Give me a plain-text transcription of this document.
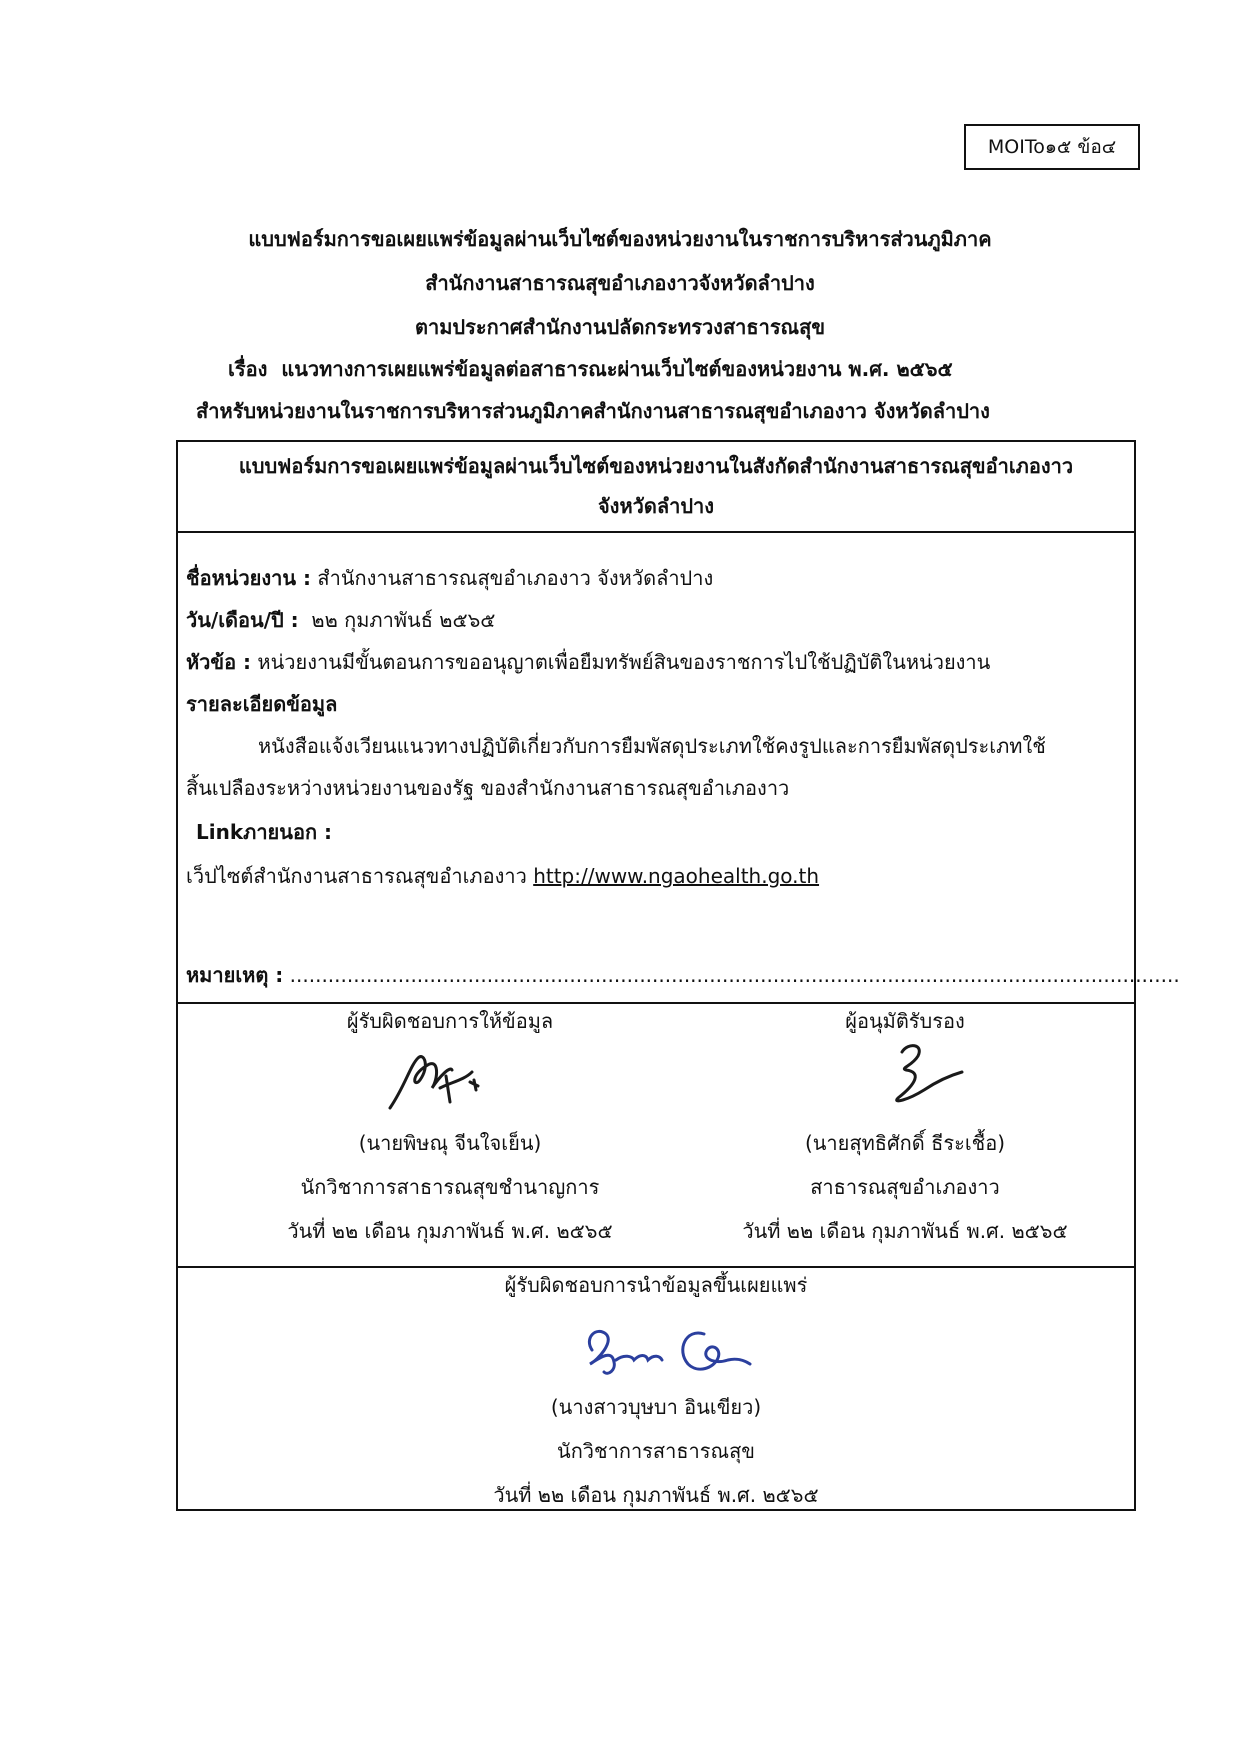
MOITo๑๕ ข้อ๔
แบบฟอร์มการขอเผยแพร่ข้อมูลผ่านเว็บไซต์ของหน่วยงานในราชการบริหารส่วนภูมิภาค
สำนักงานสาธารณสุขอำเภองาวจังหวัดลำปาง
ตามประกาศสำนักงานปลัดกระทรวงสาธารณสุข
เรื่อง แนวทางการเผยแพร่ข้อมูลต่อสาธารณะผ่านเว็บไซต์ของหน่วยงาน พ.ศ. ๒๕๖๕
สำหรับหน่วยงานในราชการบริหารส่วนภูมิภาคสำนักงานสาธารณสุขอำเภองาว จังหวัดลำปาง
แบบฟอร์มการขอเผยแพร่ข้อมูลผ่านเว็บไซต์ของหน่วยงานในสังกัดสำนักงานสาธารณสุขอำเภองาว
จังหวัดลำปาง
ชื่อหน่วยงาน : สำนักงานสาธารณสุขอำเภองาว จังหวัดลำปาง
วัน/เดือน/ปี : ๒๒ กุมภาพันธ์ ๒๕๖๕
หัวข้อ : หน่วยงานมีขั้นตอนการขออนุญาตเพื่อยืมทรัพย์สินของราชการไปใช้ปฏิบัติในหน่วยงาน
รายละเอียดข้อมูล
หนังสือแจ้งเวียนแนวทางปฏิบัติเกี่ยวกับการยืมพัสดุประเภทใช้คงรูปและการยืมพัสดุประเภทใช้
สิ้นเปลืองระหว่างหน่วยงานของรัฐ ของสำนักงานสาธารณสุขอำเภองาว
Linkภายนอก :
เว็ปไซต์สำนักงานสาธารณสุขอำเภองาว http://www.ngaohealth.go.th
หมายเหตุ : ............................................................................................................................................
ผู้รับผิดชอบการให้ข้อมูล
(นายพิษณุ จีนใจเย็น)
นักวิชาการสาธารณสุขชำนาญการ
วันที่ ๒๒ เดือน กุมภาพันธ์ พ.ศ. ๒๕๖๕
ผู้อนุมัติรับรอง
(นายสุทธิศักดิ์ ธีระเชื้อ)
สาธารณสุขอำเภองาว
วันที่ ๒๒ เดือน กุมภาพันธ์ พ.ศ. ๒๕๖๕
ผู้รับผิดชอบการนำข้อมูลขึ้นเผยแพร่
(นางสาวบุษบา อินเขียว)
นักวิชาการสาธารณสุข
วันที่ ๒๒ เดือน กุมภาพันธ์ พ.ศ. ๒๕๖๕
